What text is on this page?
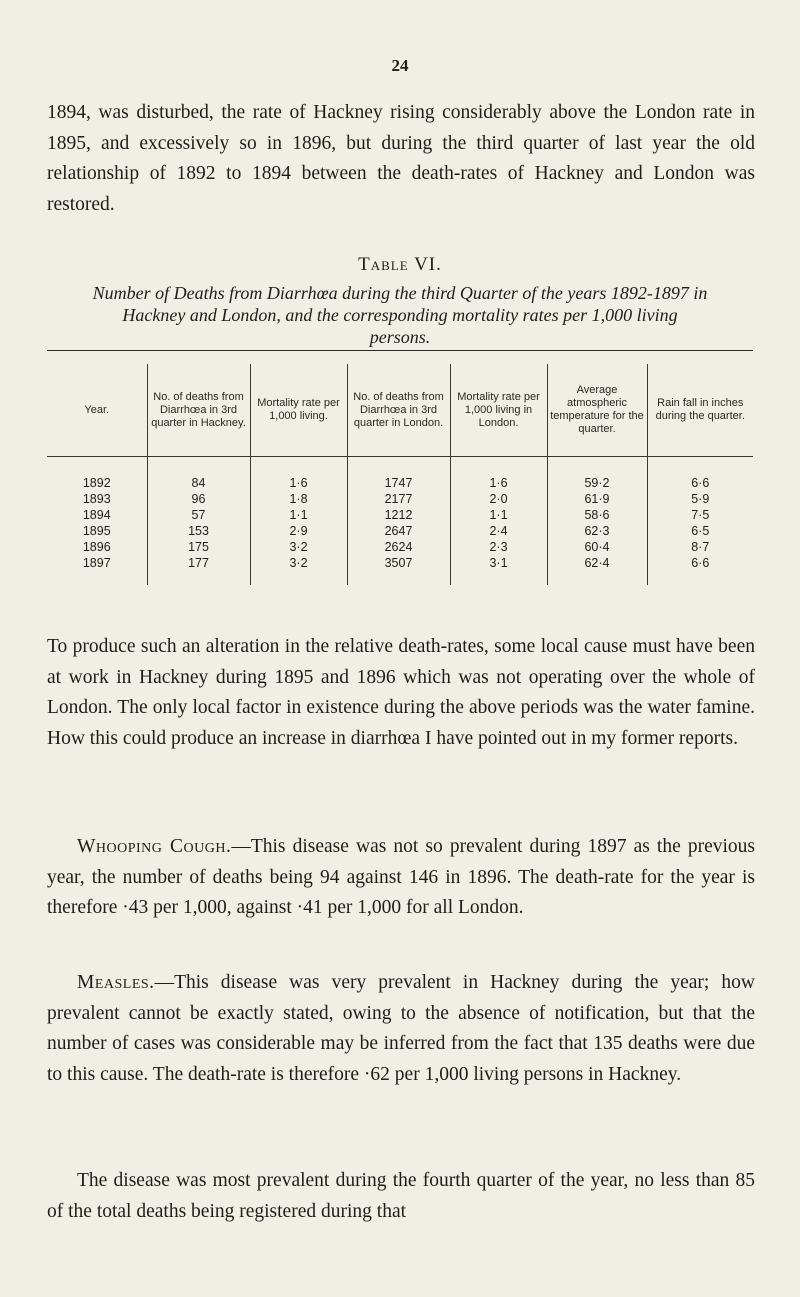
24

1894, was disturbed, the rate of Hackney rising considerably above the London rate in 1895, and excessively so in 1896, but during the third quarter of last year the old relationship of 1892 to 1894 between the death-rates of Hackney and London was restored.

Table VI.
Number of Deaths from Diarrhœa during the third Quarter of the years 1892-1897 in Hackney and London, and the corresponding mortality rates per 1,000 living persons.
Year.	No. of deaths from Diarrhœa in 3rd quarter in Hackney.	Mortality rate per 1,000 living.	No. of deaths from Diarrhœa in 3rd quarter in London.	Mortality rate per 1,000 living in London.	Average atmospheric temperature for the quarter.	Rain fall in inches during the quarter.
1892	84	1·6	1747	1·6	59·2	6·6
1893	96	1·8	2177	2·0	61·9	5·9
1894	57	1·1	1212	1·1	58·6	7·5
1895	153	2·9	2647	2·4	62·3	6·5
1896	175	3·2	2624	2·3	60·4	8·7
1897	177	3·2	3507	3·1	62·4	6·6

To produce such an alteration in the relative death-rates, some local cause must have been at work in Hackney during 1895 and 1896 which was not operating over the whole of London. The only local factor in existence during the above periods was the water famine. How this could produce an increase in diarrhœa I have pointed out in my former reports.

Whooping Cough.—This disease was not so prevalent during 1897 as the previous year, the number of deaths being 94 against 146 in 1896. The death-rate for the year is therefore ·43 per 1,000, against ·41 per 1,000 for all London.

Measles.—This disease was very prevalent in Hackney during the year; how prevalent cannot be exactly stated, owing to the absence of notification, but that the number of cases was considerable may be inferred from the fact that 135 deaths were due to this cause. The death-rate is therefore ·62 per 1,000 living persons in Hackney.

The disease was most prevalent during the fourth quarter of the year, no less than 85 of the total deaths being registered during that
